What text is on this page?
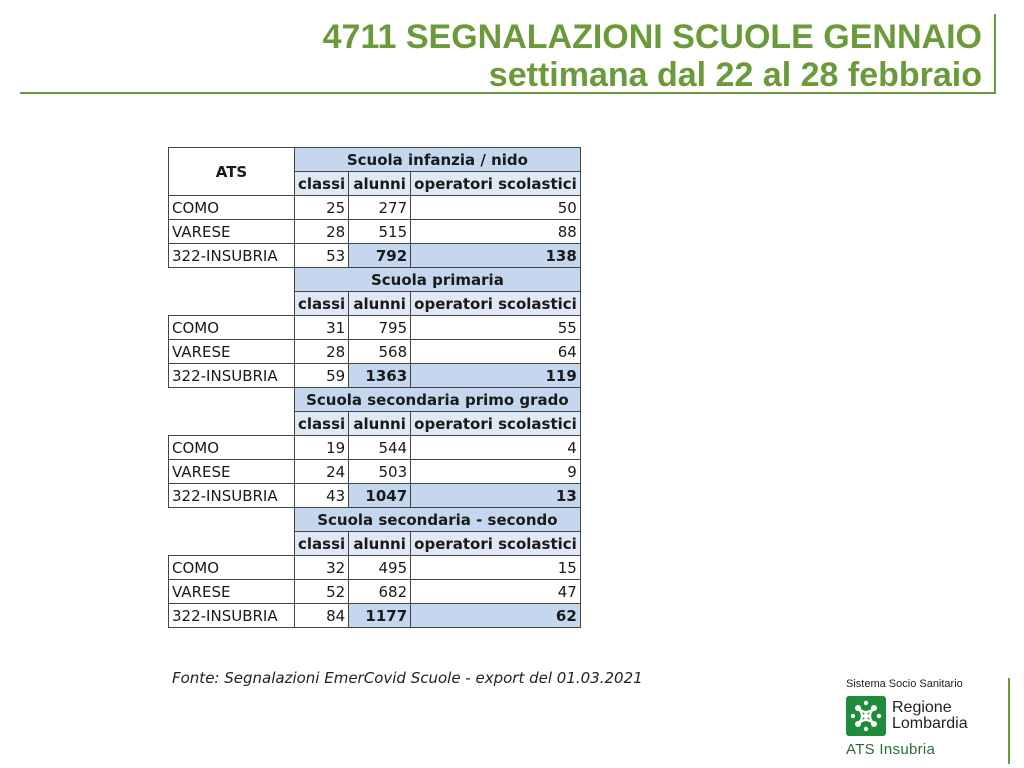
4711 SEGNALAZIONI SCUOLE GENNAIO
settimana dal 22 al 28 febbraio
ATS	Scuola infanzia / nido		
	classi	alunni	operatori scolastici
COMO	25	277	50
VARESE	28	515	88
322-INSUBRIA	53	792	138
	Scuola primaria		
	classi	alunni	operatori scolastici
COMO	31	795	55
VARESE	28	568	64
322-INSUBRIA	59	1363	119
	Scuola secondaria primo grado		
	classi	alunni	operatori scolastici
COMO	19	544	4
VARESE	24	503	9
322-INSUBRIA	43	1047	13
	Scuola secondaria - secondo		
	classi	alunni	operatori scolastici
COMO	32	495	15
VARESE	52	682	47
322-INSUBRIA	84	1177	62
Fonte: Segnalazioni EmerCovid Scuole - export del 01.03.2021	Sistema Socio Sanitario
Regione
Lombardia
ATS Insubria
